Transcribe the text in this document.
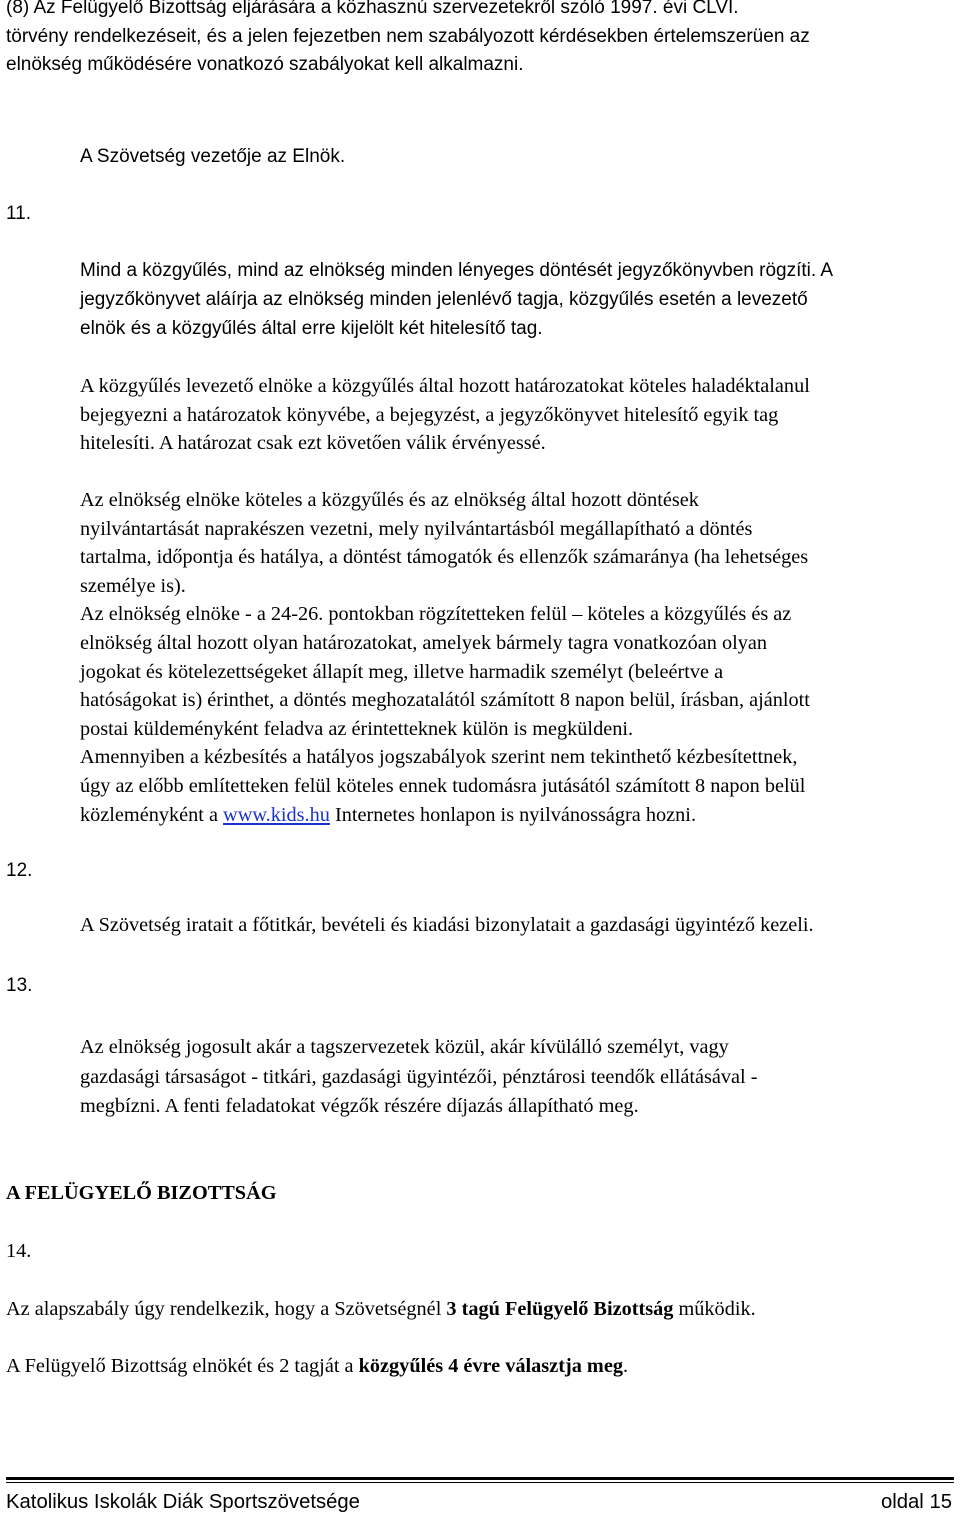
(8) Az Felügyelő Bizottság eljárására a közhasznú szervezetekről szóló 1997. évi CLVI.
törvény rendelkezéseit, és a jelen fejezetben nem szabályozott kérdésekben értelemszerüen az
elnökség működésére vonatkozó szabályokat kell alkalmazni.
A Szövetség vezetője az Elnök.
11.
Mind a közgyűlés, mind az elnökség minden lényeges döntését jegyzőkönyvben rögzíti. A
jegyzőkönyvet aláírja az elnökség minden jelenlévő tagja, közgyűlés esetén a levezető
elnök és a közgyűlés által erre kijelölt két hitelesítő tag.
A közgyűlés levezető elnöke a közgyűlés által hozott határozatokat köteles haladéktalanul
bejegyezni a határozatok könyvébe, a bejegyzést, a jegyzőkönyvet hitelesítő egyik tag
hitelesíti. A határozat csak ezt követően válik érvényessé.
Az elnökség elnöke köteles a közgyűlés és az elnökség által hozott döntések
nyilvántartását naprakészen vezetni, mely nyilvántartásból megállapítható a döntés
tartalma, időpontja és hatálya, a döntést támogatók és ellenzők számaránya (ha lehetséges
személye is).
Az elnökség elnöke - a 24-26. pontokban rögzítetteken felül – köteles a közgyűlés és az
elnökség által hozott olyan határozatokat, amelyek bármely tagra vonatkozóan olyan
jogokat és kötelezettségeket állapít meg, illetve harmadik személyt (beleértve a
hatóságokat is) érinthet, a döntés meghozatalától számított 8 napon belül, írásban, ajánlott
postai küldeményként feladva az érintetteknek külön is megküldeni.
Amennyiben a kézbesítés a hatályos jogszabályok szerint nem tekinthető kézbesítettnek,
úgy az előbb említetteken felül köteles ennek tudomásra jutásától számított 8 napon belül
közleményként a www.kids.hu Internetes honlapon is nyilvánosságra hozni.
12.
A Szövetség iratait a főtitkár, bevételi és kiadási bizonylatait a gazdasági ügyintéző kezeli.
13.
Az elnökség jogosult akár a tagszervezetek közül, akár kívülálló személyt, vagy
gazdasági társaságot - titkári, gazdasági ügyintézői, pénztárosi teendők ellátásával -
megbízni. A fenti feladatokat végzők részére díjazás állapítható meg.
A FELÜGYELŐ BIZOTTSÁG
14.
Az alapszabály úgy rendelkezik, hogy a Szövetségnél 3 tagú Felügyelő Bizottság működik.
A Felügyelő Bizottság elnökét és 2 tagját a közgyűlés 4 évre választja meg.
Katolikus Iskolák Diák Sportszövetsége	oldal 15
